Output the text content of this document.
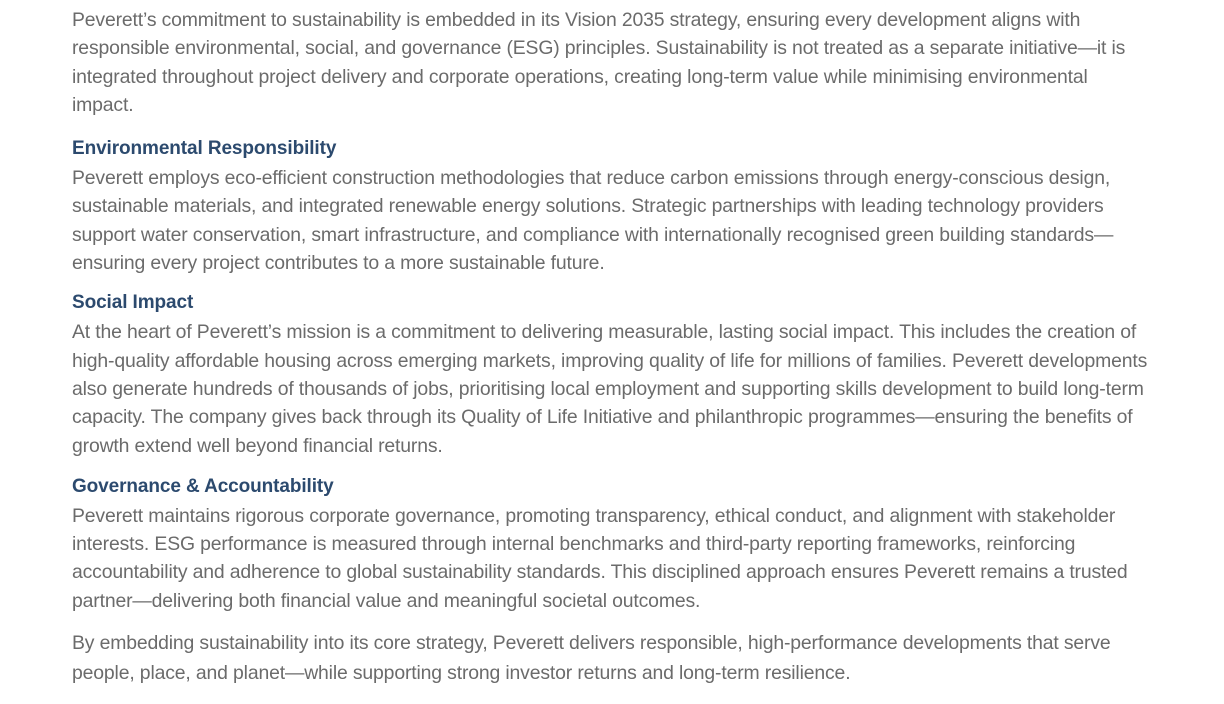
Peverett’s commitment to sustainability is embedded in its Vision 2035 strategy, ensuring every development aligns with responsible environmental, social, and governance (ESG) principles. Sustainability is not treated as a separate initiative—it is integrated throughout project delivery and corporate operations, creating long-term value while minimising environmental impact.

Environmental Responsibility

Peverett employs eco-efficient construction methodologies that reduce carbon emissions through energy-conscious design, sustainable materials, and integrated renewable energy solutions. Strategic partnerships with leading technology providers support water conservation, smart infrastructure, and compliance with internationally recognised green building standards—ensuring every project contributes to a more sustainable future.

Social Impact

At the heart of Peverett’s mission is a commitment to delivering measurable, lasting social impact. This includes the creation of high-quality affordable housing across emerging markets, improving quality of life for millions of families. Peverett developments also generate hundreds of thousands of jobs, prioritising local employment and supporting skills development to build long-term capacity. The company gives back through its Quality of Life Initiative and philanthropic programmes—ensuring the benefits of growth extend well beyond financial returns.

Governance & Accountability

Peverett maintains rigorous corporate governance, promoting transparency, ethical conduct, and alignment with stakeholder interests. ESG performance is measured through internal benchmarks and third-party reporting frameworks, reinforcing accountability and adherence to global sustainability standards. This disciplined approach ensures Peverett remains a trusted partner—delivering both financial value and meaningful societal outcomes.

By embedding sustainability into its core strategy, Peverett delivers responsible, high-performance developments that serve people, place, and planet—while supporting strong investor returns and long-term resilience.
